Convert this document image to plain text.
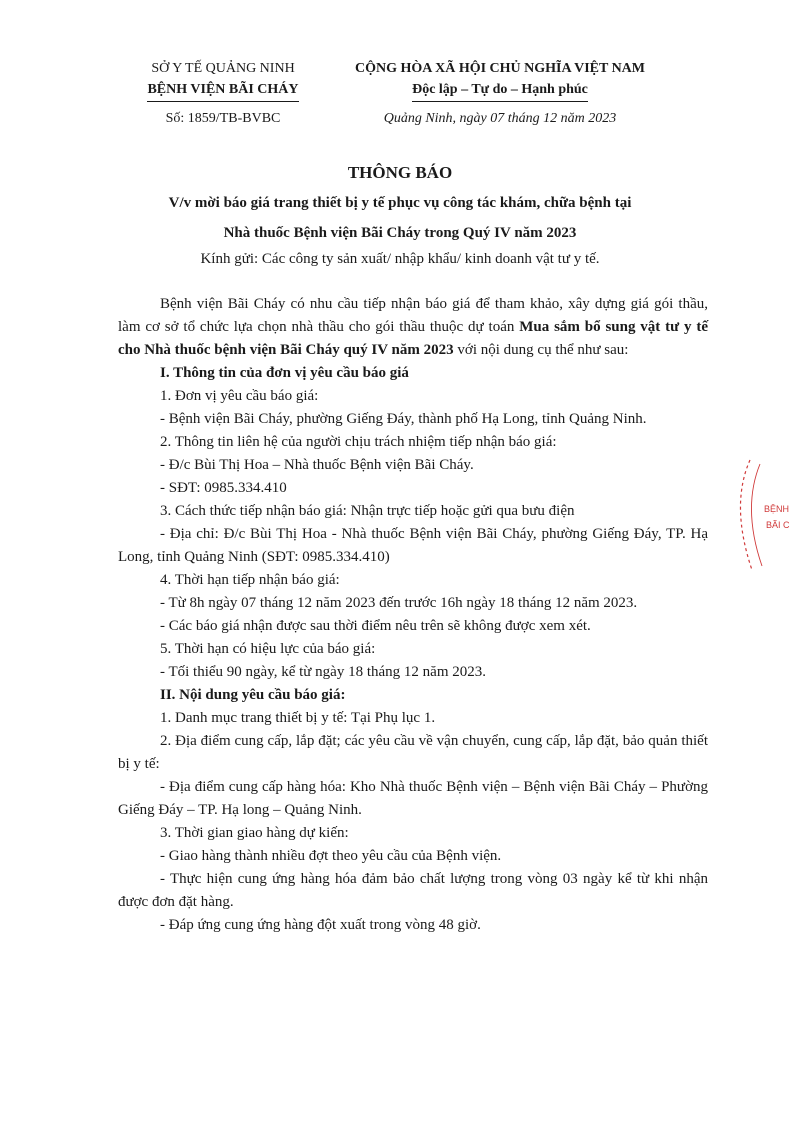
SỞ Y TẾ QUẢNG NINH
BỆNH VIỆN BÃI CHÁY
Số: 1859/TB-BVBC
CỘNG HÒA XÃ HỘI CHỦ NGHĨA VIỆT NAM
Độc lập – Tự do – Hạnh phúc
Quảng Ninh, ngày 07 tháng 12 năm 2023
THÔNG BÁO
V/v mời báo giá trang thiết bị y tế phục vụ công tác khám, chữa bệnh tại
Nhà thuốc Bệnh viện Bãi Cháy trong Quý IV năm 2023
Kính gửi: Các công ty sản xuất/ nhập khẩu/ kinh doanh vật tư y tế.

Bệnh viện Bãi Cháy có nhu cầu tiếp nhận báo giá để tham khảo, xây dựng giá gói thầu, làm cơ sở tổ chức lựa chọn nhà thầu cho gói thầu thuộc dự toán Mua sắm bổ sung vật tư y tế cho Nhà thuốc bệnh viện Bãi Cháy quý IV năm 2023 với nội dung cụ thể như sau:

I. Thông tin của đơn vị yêu cầu báo giá

1. Đơn vị yêu cầu báo giá:

- Bệnh viện Bãi Cháy, phường Giếng Đáy, thành phố Hạ Long, tỉnh Quảng Ninh.

2. Thông tin liên hệ của người chịu trách nhiệm tiếp nhận báo giá:

- Đ/c Bùi Thị Hoa – Nhà thuốc Bệnh viện Bãi Cháy.

- SĐT: 0985.334.410

3. Cách thức tiếp nhận báo giá: Nhận trực tiếp hoặc gửi qua bưu điện

- Địa chỉ: Đ/c Bùi Thị Hoa - Nhà thuốc Bệnh viện Bãi Cháy, phường Giếng Đáy, TP. Hạ Long, tỉnh Quảng Ninh (SĐT: 0985.334.410)

4. Thời hạn tiếp nhận báo giá:

- Từ 8h ngày 07 tháng 12 năm 2023 đến trước 16h ngày 18 tháng 12 năm 2023.

- Các báo giá nhận được sau thời điểm nêu trên sẽ không được xem xét.

5. Thời hạn có hiệu lực của báo giá:

- Tối thiểu 90 ngày, kể từ ngày 18 tháng 12 năm 2023.

II. Nội dung yêu cầu báo giá:

1. Danh mục trang thiết bị y tế: Tại Phụ lục 1.

2. Địa điểm cung cấp, lắp đặt; các yêu cầu về vận chuyển, cung cấp, lắp đặt, bảo quản thiết bị y tế:

- Địa điểm cung cấp hàng hóa: Kho Nhà thuốc Bệnh viện – Bệnh viện Bãi Cháy – Phường Giếng Đáy – TP. Hạ long – Quảng Ninh.

3. Thời gian giao hàng dự kiến:

- Giao hàng thành nhiều đợt theo yêu cầu của Bệnh viện.

- Thực hiện cung ứng hàng hóa đảm bảo chất lượng trong vòng 03 ngày kể từ khi nhận được đơn đặt hàng.

- Đáp ứng cung ứng hàng đột xuất trong vòng 48 giờ.

BỆNH
BÃI C
